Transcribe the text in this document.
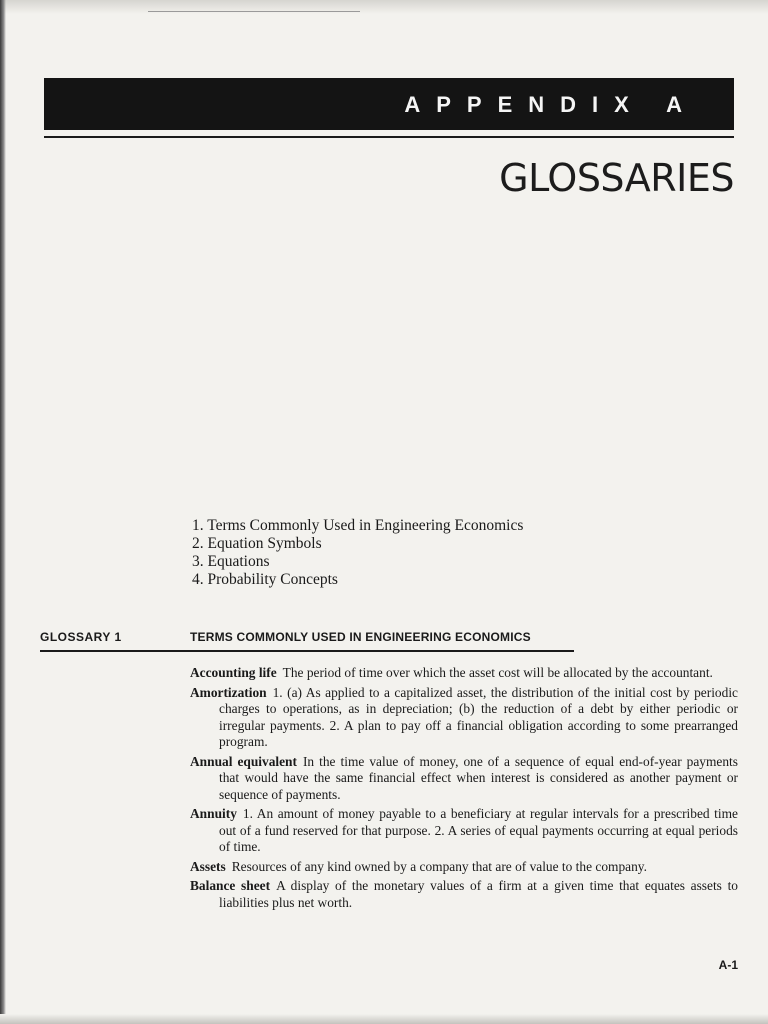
APPENDIX A
GLOSSARIES
1. Terms Commonly Used in Engineering Economics
2. Equation Symbols
3. Equations
4. Probability Concepts
GLOSSARY 1	TERMS COMMONLY USED IN ENGINEERING ECONOMICS

Accounting life The period of time over which the asset cost will be allocated by the accountant.

Amortization 1. (a) As applied to a capitalized asset, the distribution of the initial cost by periodic charges to operations, as in depreciation; (b) the reduction of a debt by either periodic or irregular payments. 2. A plan to pay off a financial obligation according to some prearranged program.

Annual equivalent In the time value of money, one of a sequence of equal end-of-year payments that would have the same financial effect when interest is considered as another payment or sequence of payments.

Annuity 1. An amount of money payable to a beneficiary at regular intervals for a prescribed time out of a fund reserved for that purpose. 2. A series of equal payments occurring at equal periods of time.

Assets Resources of any kind owned by a company that are of value to the company.

Balance sheet A display of the monetary values of a firm at a given time that equates assets to liabilities plus net worth.

A-1
